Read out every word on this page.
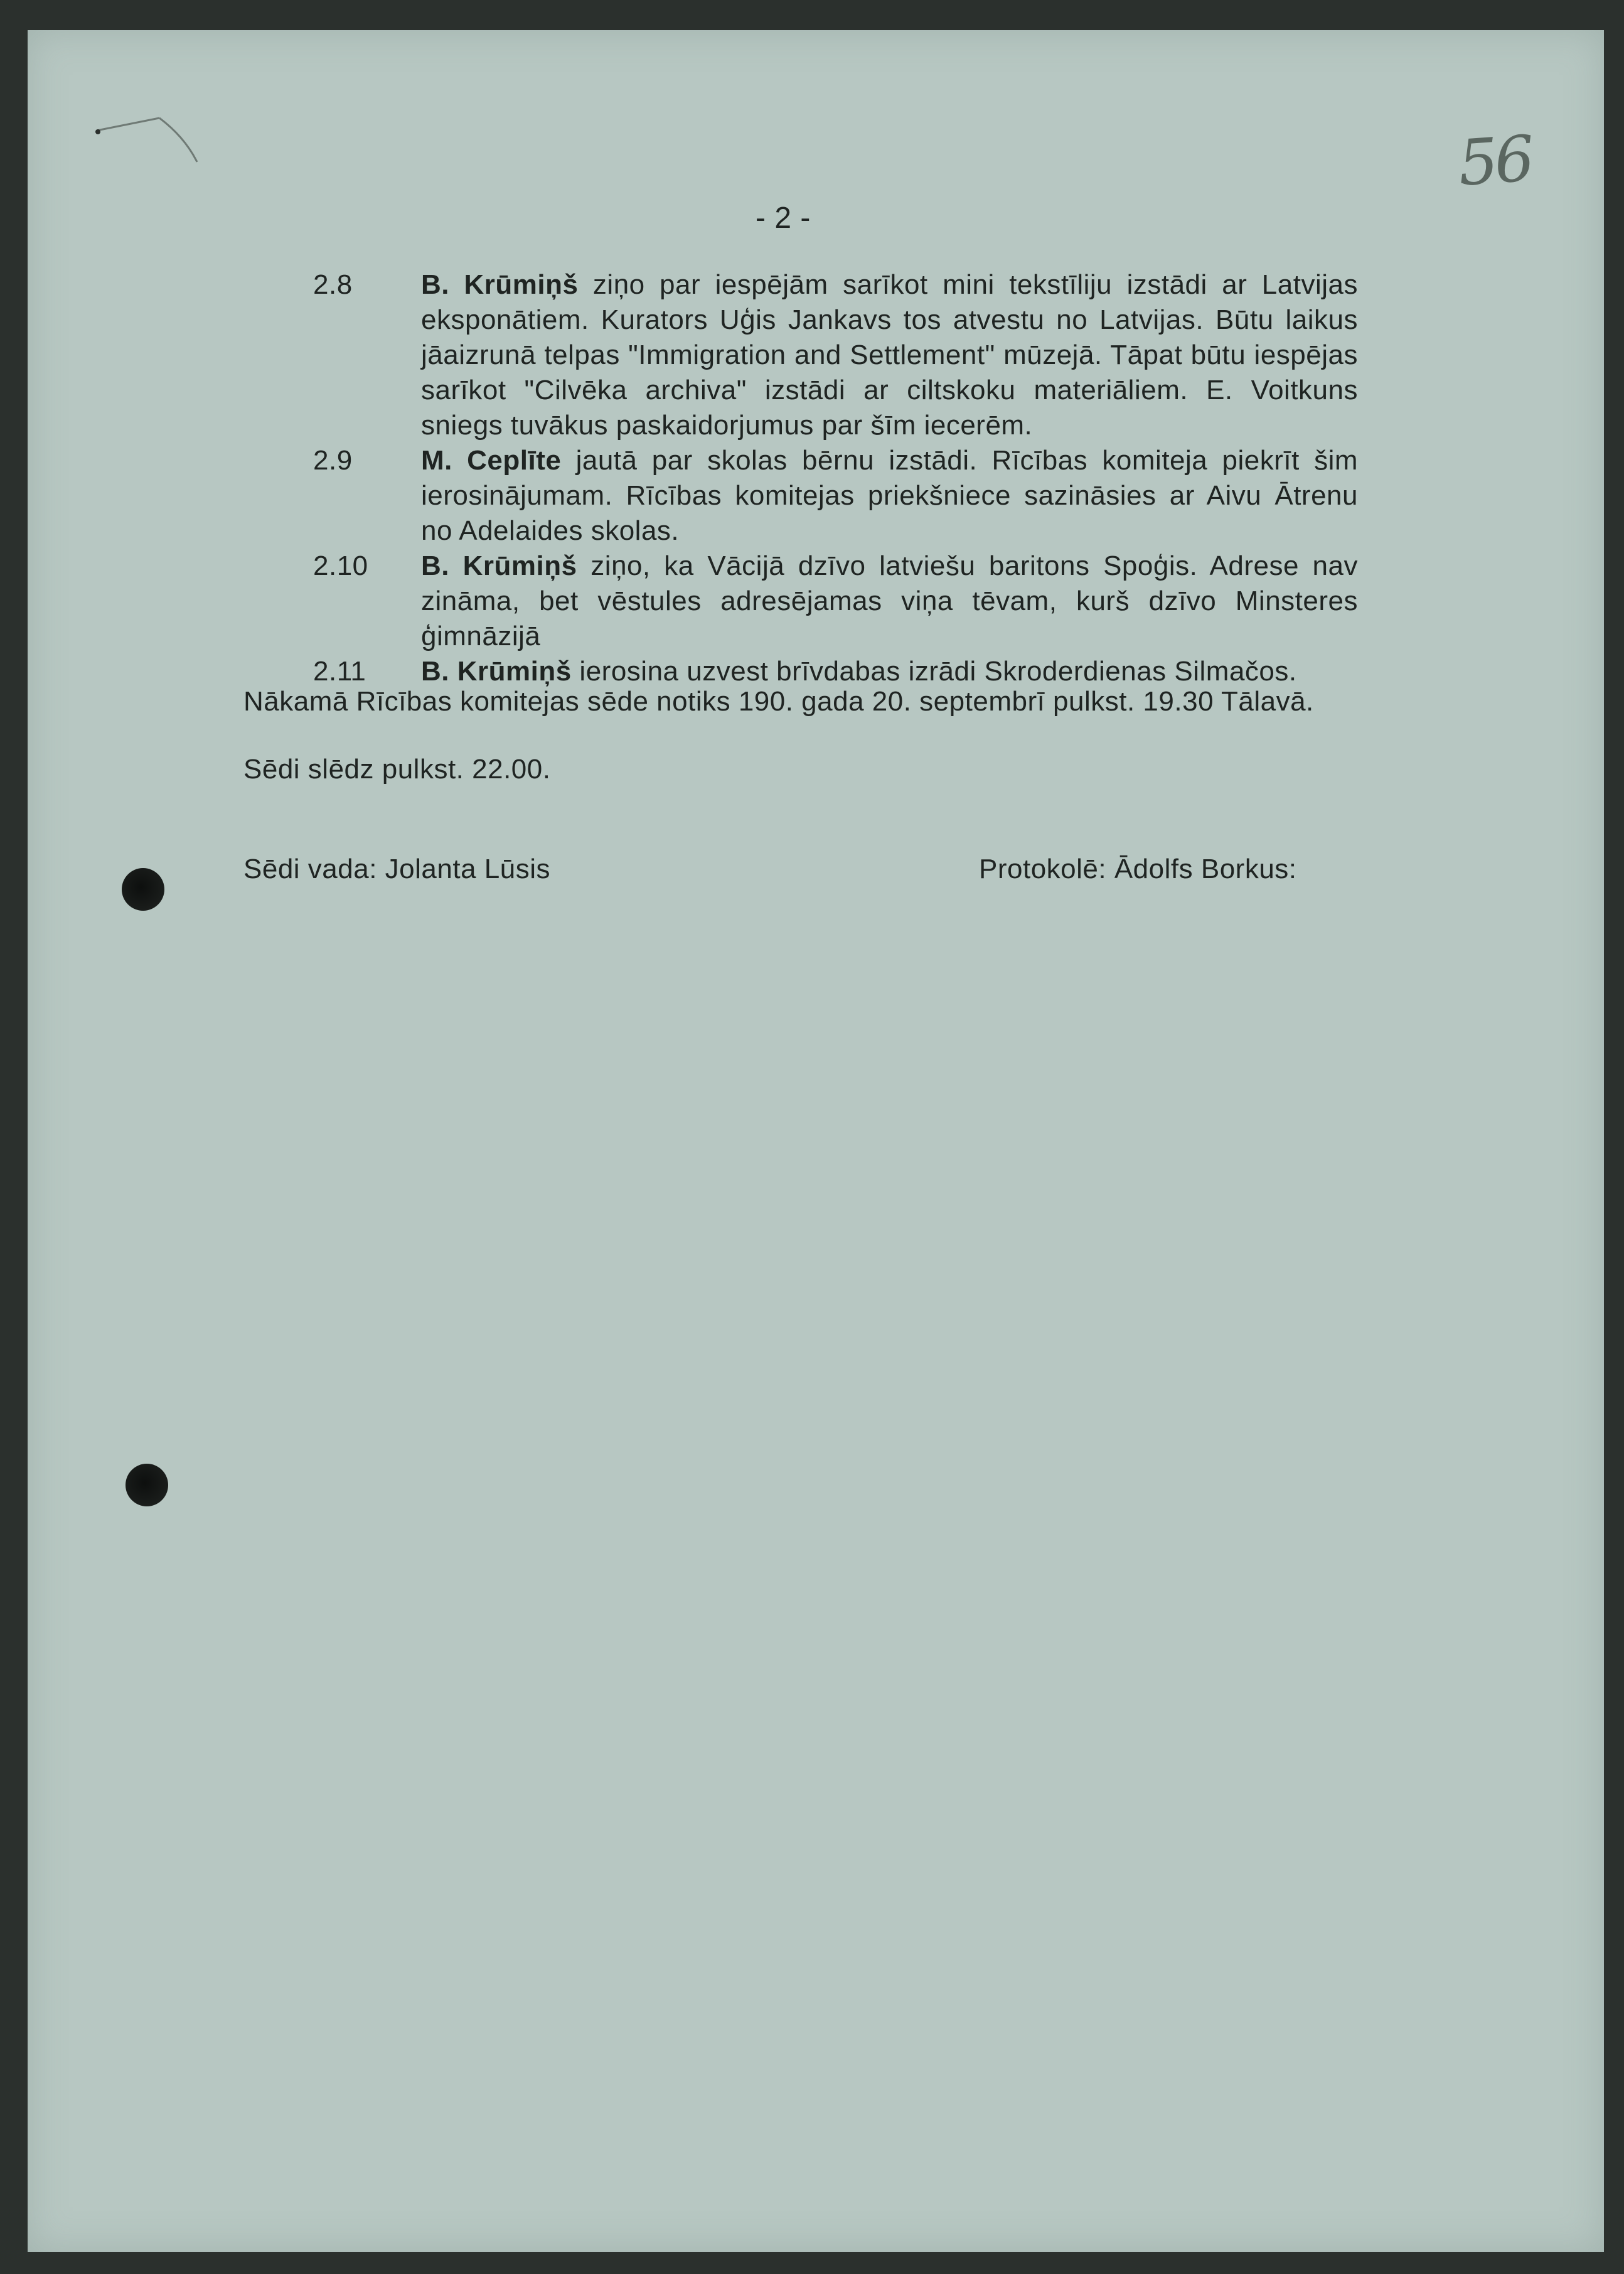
56
- 2 -
2.8	B. Krūmiņš ziņo par iespējām sarīkot mini tekstīliju izstādi ar Latvijas eksponātiem. Kurators Uģis Jankavs tos atvestu no Latvijas. Būtu laikus jāaizrunā telpas "Immigration and Settlement" mūzejā. Tāpat būtu iespējas sarīkot "Cilvēka archiva" izstādi ar ciltskoku materiāliem. E. Voitkuns sniegs tuvākus paskaidorjumus par šīm iecerēm.
2.9	M. Ceplīte jautā par skolas bērnu izstādi. Rīcības komiteja piekrīt šim ierosinājumam. Rīcības komitejas priekšniece sazināsies ar Aivu Ātrenu no Adelaides skolas.
2.10	B. Krūmiņš ziņo, ka Vācijā dzīvo latviešu baritons Spoģis. Adrese nav zināma, bet vēstules adresējamas viņa tēvam, kurš dzīvo Minsteres ģimnāzijā
2.11	B. Krūmiņš ierosina uzvest brīvdabas izrādi Skroderdienas Silmačos.
Nākamā Rīcības komitejas sēde notiks 190. gada 20. septembrī pulkst. 19.30 Tālavā.
Sēdi slēdz pulkst. 22.00.
Sēdi vada: Jolanta Lūsis	Protokolē: Ādolfs Borkus:
